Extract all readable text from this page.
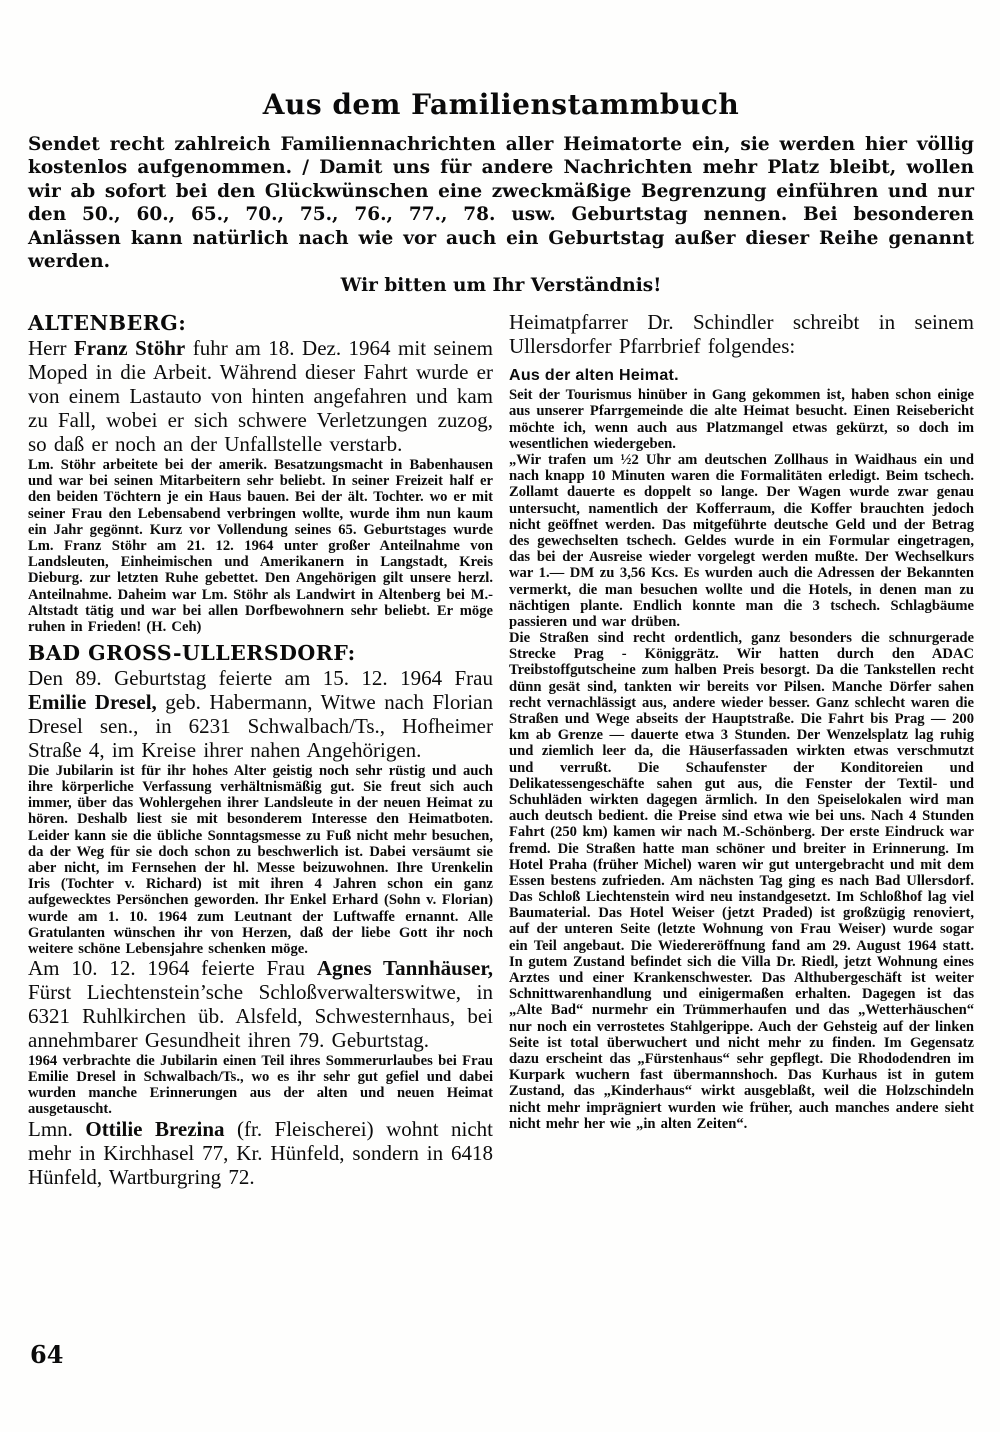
Aus dem Familienstammbuch

Sendet recht zahlreich Familiennachrichten aller Heimatorte ein, sie werden hier völlig kostenlos aufgenommen. / Damit uns für andere Nachrichten mehr Platz bleibt, wollen wir ab sofort bei den Glückwünschen eine zweckmäßige Begrenzung einführen und nur den 50., 60., 65., 70., 75., 76., 77., 78. usw. Geburtstag nennen. Bei besonderen Anlässen kann natürlich nach wie vor auch ein Geburtstag außer dieser Reihe genannt werden.

Wir bitten um Ihr Verständnis!

ALTENBERG:

Herr Franz Stöhr fuhr am 18. Dez. 1964 mit seinem Moped in die Arbeit. Während dieser Fahrt wurde er von einem Lastauto von hinten angefahren und kam zu Fall, wobei er sich schwere Verletzungen zuzog, so daß er noch an der Unfallstelle verstarb.

Lm. Stöhr arbeitete bei der amerik. Besatzungsmacht in Babenhausen und war bei seinen Mitarbeitern sehr beliebt. In seiner Freizeit half er den beiden Töchtern je ein Haus bauen. Bei der ält. Tochter. wo er mit seiner Frau den Lebensabend verbringen wollte, wurde ihm nun kaum ein Jahr gegönnt. Kurz vor Vollendung seines 65. Geburtstages wurde Lm. Franz Stöhr am 21. 12. 1964 unter großer Anteilnahme von Landsleuten, Einheimischen und Amerikanern in Langstadt, Kreis Dieburg. zur letzten Ruhe gebettet. Den Angehörigen gilt unsere herzl. Anteilnahme. Daheim war Lm. Stöhr als Landwirt in Altenberg bei M.-Altstadt tätig und war bei allen Dorfbewohnern sehr beliebt. Er möge ruhen in Frieden! (H. Ceh)

BAD GROSS-ULLERSDORF:

Den 89. Geburtstag feierte am 15. 12. 1964 Frau Emilie Dresel, geb. Habermann, Witwe nach Florian Dresel sen., in 6231 Schwalbach/Ts., Hofheimer Straße 4, im Kreise ihrer nahen Angehörigen.

Die Jubilarin ist für ihr hohes Alter geistig noch sehr rüstig und auch ihre körperliche Verfassung verhältnismäßig gut. Sie freut sich auch immer, über das Wohlergehen ihrer Landsleute in der neuen Heimat zu hören. Deshalb liest sie mit besonderem Interesse den Heimatboten. Leider kann sie die übliche Sonntagsmesse zu Fuß nicht mehr besuchen, da der Weg für sie doch schon zu beschwerlich ist. Dabei versäumt sie aber nicht, im Fernsehen der hl. Messe beizuwohnen. Ihre Urenkelin Iris (Tochter v. Richard) ist mit ihren 4 Jahren schon ein ganz aufgewecktes Persönchen geworden. Ihr Enkel Erhard (Sohn v. Florian) wurde am 1. 10. 1964 zum Leutnant der Luftwaffe ernannt. Alle Gratulanten wünschen ihr von Herzen, daß der liebe Gott ihr noch weitere schöne Lebensjahre schenken möge.

Am 10. 12. 1964 feierte Frau Agnes Tannhäuser, Fürst Liechtenstein’sche Schloßverwalterswitwe, in 6321 Ruhlkirchen üb. Alsfeld, Schwesternhaus, bei annehmbarer Gesundheit ihren 79. Geburtstag.

1964 verbrachte die Jubilarin einen Teil ihres Sommerurlaubes bei Frau Emilie Dresel in Schwalbach/Ts., wo es ihr sehr gut gefiel und dabei wurden manche Erinnerungen aus der alten und neuen Heimat ausgetauscht.

Lmn. Ottilie Brezina (fr. Fleischerei) wohnt nicht mehr in Kirchhasel 77, Kr. Hünfeld, sondern in 6418 Hünfeld, Wartburgring 72.

Heimatpfarrer Dr. Schindler schreibt in seinem Ullersdorfer Pfarrbrief folgendes:

Aus der alten Heimat.

Seit der Tourismus hinüber in Gang gekommen ist, haben schon einige aus unserer Pfarrgemeinde die alte Heimat besucht. Einen Reisebericht möchte ich, wenn auch aus Platzmangel etwas gekürzt, so doch im wesentlichen wiedergeben.

„Wir trafen um ½2 Uhr am deutschen Zollhaus in Waidhaus ein und nach knapp 10 Minuten waren die Formalitäten erledigt. Beim tschech. Zollamt dauerte es doppelt so lange. Der Wagen wurde zwar genau untersucht, namentlich der Kofferraum, die Koffer brauchten jedoch nicht geöffnet werden. Das mitgeführte deutsche Geld und der Betrag des gewechselten tschech. Geldes wurde in ein Formular eingetragen, das bei der Ausreise wieder vorgelegt werden mußte. Der Wechselkurs war 1.— DM zu 3,56 Kcs. Es wurden auch die Adressen der Bekannten vermerkt, die man besuchen wollte und die Hotels, in denen man zu nächtigen plante. Endlich konnte man die 3 tschech. Schlagbäume passieren und war drüben.

Die Straßen sind recht ordentlich, ganz besonders die schnurgerade Strecke Prag - Königgrätz. Wir hatten durch den ADAC Treibstoffgutscheine zum halben Preis besorgt. Da die Tankstellen recht dünn gesät sind, tankten wir bereits vor Pilsen. Manche Dörfer sahen recht vernachlässigt aus, andere wieder besser. Ganz schlecht waren die Straßen und Wege abseits der Hauptstraße. Die Fahrt bis Prag — 200 km ab Grenze — dauerte etwa 3 Stunden. Der Wenzelsplatz lag ruhig und ziemlich leer da, die Häuserfassaden wirkten etwas verschmutzt und verrußt. Die Schaufenster der Konditoreien und Delikatessengeschäfte sahen gut aus, die Fenster der Textil- und Schuhläden wirkten dagegen ärmlich. In den Speiselokalen wird man auch deutsch bedient. die Preise sind etwa wie bei uns. Nach 4 Stunden Fahrt (250 km) kamen wir nach M.-Schönberg. Der erste Eindruck war fremd. Die Straßen hatte man schöner und breiter in Erinnerung. Im Hotel Praha (früher Michel) waren wir gut untergebracht und mit dem Essen bestens zufrieden. Am nächsten Tag ging es nach Bad Ullersdorf. Das Schloß Liechtenstein wird neu instandgesetzt. Im Schloßhof lag viel Baumaterial. Das Hotel Weiser (jetzt Praded) ist großzügig renoviert, auf der unteren Seite (letzte Wohnung von Frau Weiser) wurde sogar ein Teil angebaut. Die Wiedereröffnung fand am 29. August 1964 statt. In gutem Zustand befindet sich die Villa Dr. Riedl, jetzt Wohnung eines Arztes und einer Krankenschwester. Das Althubergeschäft ist weiter Schnittwarenhandlung und einigermaßen erhalten. Dagegen ist das „Alte Bad“ nurmehr ein Trümmerhaufen und das „Wetterhäuschen“ nur noch ein verrostetes Stahlgerippe. Auch der Gehsteig auf der linken Seite ist total überwuchert und nicht mehr zu finden. Im Gegensatz dazu erscheint das „Fürstenhaus“ sehr gepflegt. Die Rhododendren im Kurpark wuchern fast übermannshoch. Das Kurhaus ist in gutem Zustand, das „Kinderhaus“ wirkt ausgeblaßt, weil die Holzschindeln nicht mehr imprägniert wurden wie früher, auch manches andere sieht nicht mehr her wie „in alten Zeiten“.

64
